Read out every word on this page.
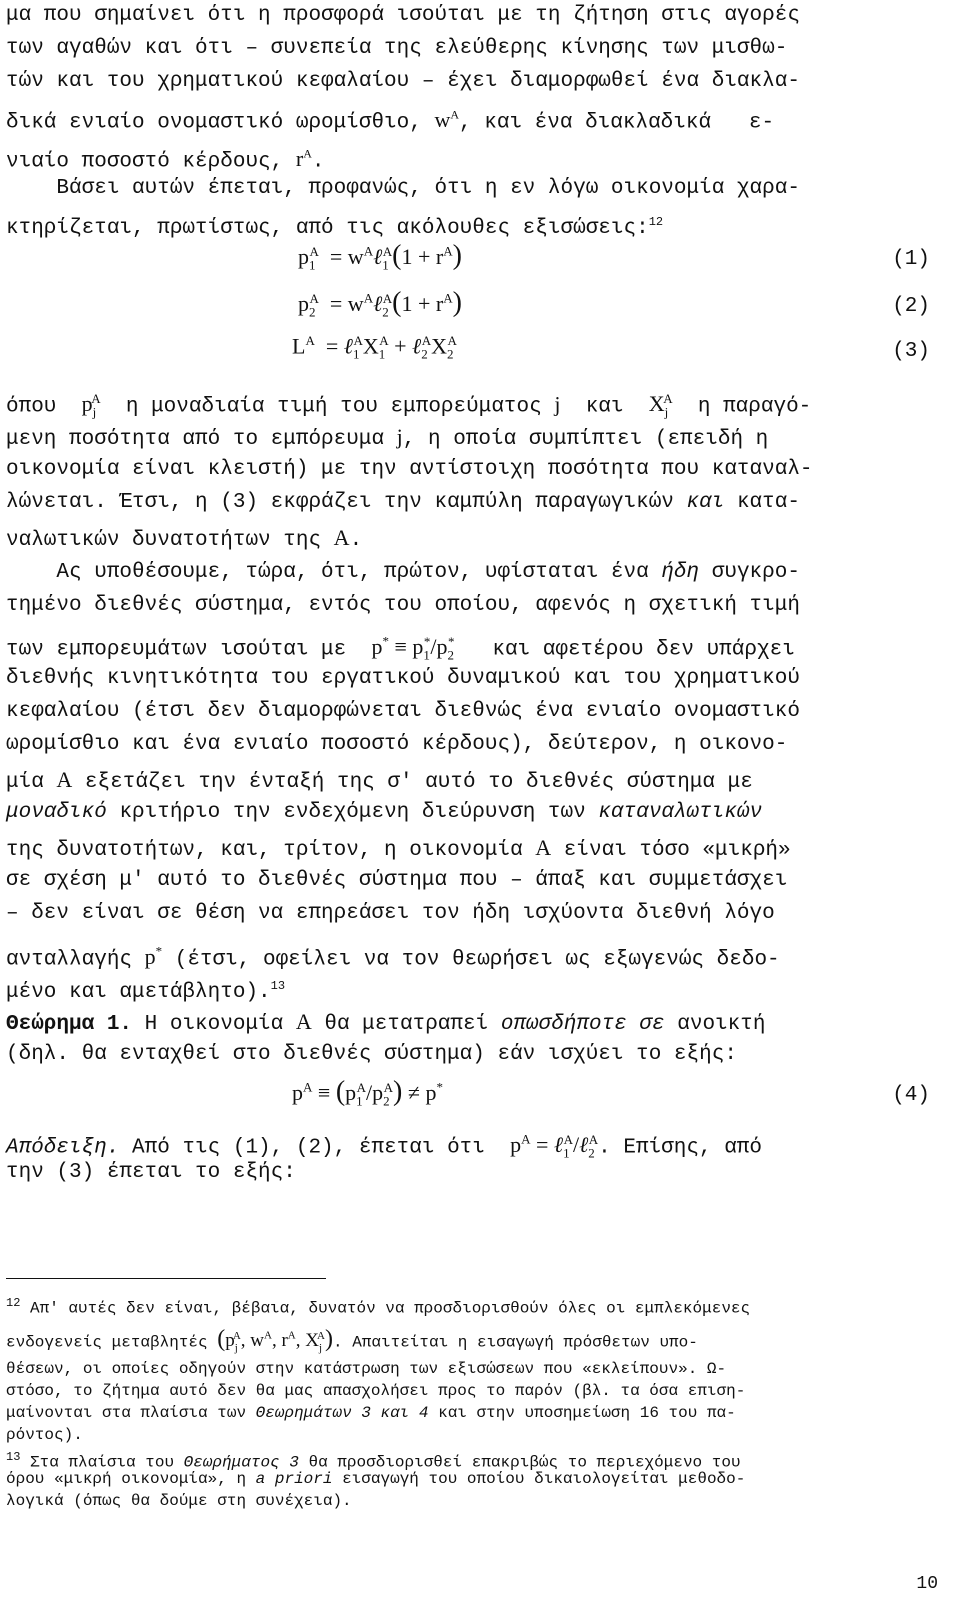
μα που σημαίνει ότι η προσφορά ισούται με τη ζήτηση στις αγορές
των αγαθών και ότι – συνεπεία της ελεύθερης κίνησης των μισθω-
τών και του χρηματικού κεφαλαίου – έχει διαμορφωθεί ένα διακλα-
δικά ενιαίο ονομαστικό ωρομίσθιο, $w^A$, και ένα διακλαδικά   ε-
νιαίο ποσοστό κέρδους, $r^A$.
Βάσει αυτών έπεται, προφανώς, ότι η εν λόγω οικονομία χαρα-
κτηρίζεται, πρωτίστως, από τις ακόλουθες εξισώσεις:$^{12}$
$p_1^A$  = $w^A\ell_1^A(1 + r^A)$	(1)
$p_2^A$  = $w^A\ell_2^A(1 + r^A)$	(2)
$L^A$  = $\ell_1^AX_1^A$ + $\ell_2^AX_2^A$	(3)
όπου $p_j^A$ η μοναδιαία τιμή του εμπορεύματος j και $X_j^A$ η παραγό-
μενη ποσότητα από το εμπόρευμα j, η οποία συμπίπτει (επειδή η
οικονομία είναι κλειστή) με την αντίστοιχη ποσότητα που καταναλ-
λώνεται. Έτσι, η (3) εκφράζει την καμπύλη παραγωγικών και κατα-
ναλωτικών δυνατοτήτων της Α.
Ας υποθέσουμε, τώρα, ότι, πρώτον, υφίσταται ένα ήδη συγκρο-
τημένο διεθνές σύστημα, εντός του οποίου, αφενός η σχετική τιμή
των εμπορευμάτων ισούται με $p^* \equiv p_1^*/p_2^*$ και αφετέρου δεν υπάρχει
διεθνής κινητικότητα του εργατικού δυναμικού και του χρηματικού
κεφαλαίου (έτσι δεν διαμορφώνεται διεθνώς ένα ενιαίο ονομαστικό
ωρομίσθιο και ένα ενιαίο ποσοστό κέρδους), δεύτερον, η οικονο-
μία Α εξετάζει την ένταξή της σ' αυτό το διεθνές σύστημα με
μοναδικό κριτήριο την ενδεχόμενη διεύρυνση των καταναλωτικών
της δυνατοτήτων, και, τρίτον, η οικονομία Α είναι τόσο «μικρή»
σε σχέση μ' αυτό το διεθνές σύστημα που – άπαξ και συμμετάσχει
– δεν είναι σε θέση να επηρεάσει τον ήδη ισχύοντα διεθνή λόγο
ανταλλαγής p* (έτσι, οφείλει να τον θεωρήσει ως εξωγενώς δεδο-
μένο και αμετάβλητο).$^{13}$
Θεώρημα 1. Η οικονομία Α θα μετατραπεί οπωσδήποτε σε ανοικτή
(δηλ. θα ενταχθεί στο διεθνές σύστημα) εάν ισχύει το εξής:
$p^A \equiv (p_1^A/p_2^A) \ne p^*$	(4)
Απόδειξη. Από τις (1), (2), έπεται ότι $p^A$ = ℓ$_1^A$/ℓ$_2^A$. Επίσης, από
την (3) έπεται το εξής:
$^{12}$ Απ' αυτές δεν είναι, βέβαια, δυνατόν να προσδιορισθούν όλες οι εμπλεκόμενες
ενδογενείς μεταβλητές ($p_j^A$, $w^A$, $r^A$, $X_j^A$). Απαιτείται η εισαγωγή πρόσθετων υπο-
θέσεων, οι οποίες οδηγούν στην κατάστρωση των εξισώσεων που «εκλείπουν». Ω-
στόσο, το ζήτημα αυτό δεν θα μας απασχολήσει προς το παρόν (βλ. τα όσα επιση-
μαίνονται στα πλαίσια των Θεωρημάτων 3 και 4 και στην υποσημείωση 16 του πα-
ρόντος).
$^{13}$ Στα πλαίσια του Θεωρήματος 3 θα προσδιορισθεί επακριβώς το περιεχόμενο του
όρου «μικρή οικονομία», η a priori εισαγωγή του οποίου δικαιολογείται μεθοδο-
λογικά (όπως θα δούμε στη συνέχεια).
10
